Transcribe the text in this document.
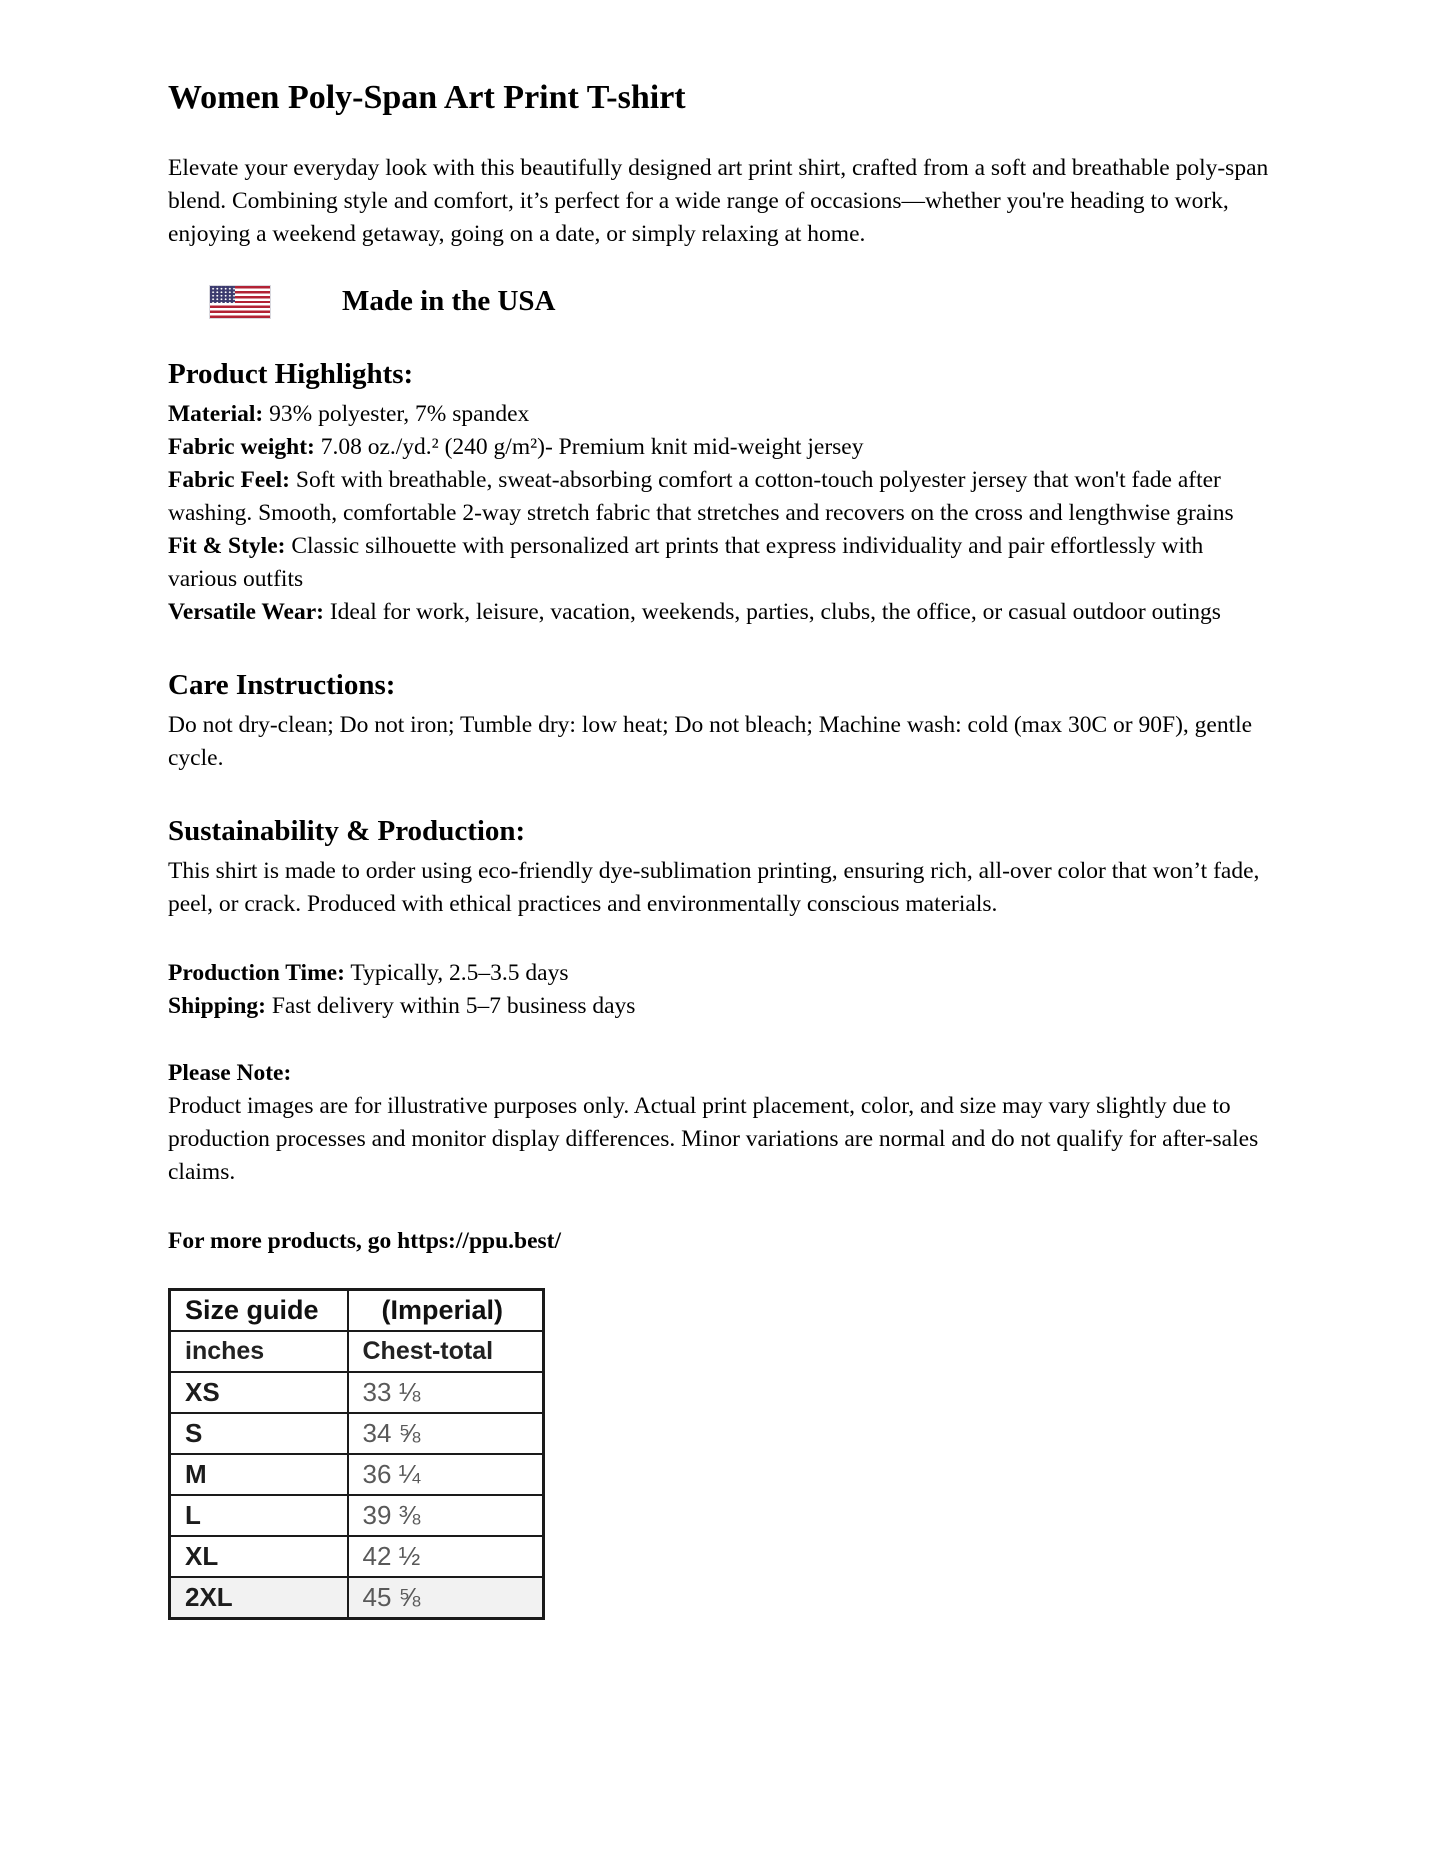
Women Poly-Span Art Print T-shirt

Elevate your everyday look with this beautifully designed art print shirt, crafted from a soft and breathable poly-span blend. Combining style and comfort, it’s perfect for a wide range of occasions—whether you're heading to work, enjoying a weekend getaway, going on a date, or simply relaxing at home.

Made in the USA
Product Highlights:

Material: 93% polyester, 7% spandex

Fabric weight: 7.08 oz./yd.² (240 g/m²)- Premium knit mid-weight jersey

Fabric Feel: Soft with breathable, sweat-absorbing comfort a cotton-touch polyester jersey that won't fade after washing. Smooth, comfortable 2-way stretch fabric that stretches and recovers on the cross and lengthwise grains

Fit & Style: Classic silhouette with personalized art prints that express individuality and pair effortlessly with various outfits

Versatile Wear: Ideal for work, leisure, vacation, weekends, parties, clubs, the office, or casual outdoor outings

Care Instructions:

Do not dry-clean; Do not iron; Tumble dry: low heat; Do not bleach; Machine wash: cold (max 30C or 90F), gentle cycle.

Sustainability & Production:

This shirt is made to order using eco-friendly dye-sublimation printing, ensuring rich, all-over color that won’t fade, peel, or crack. Produced with ethical practices and environmentally conscious materials.

Production Time: Typically, 2.5–3.5 days

Shipping: Fast delivery within 5–7 business days

Please Note:

Product images are for illustrative purposes only. Actual print placement, color, and size may vary slightly due to production processes and monitor display differences. Minor variations are normal and do not qualify for after-sales claims.

For more products, go https://ppu.best/

Size guide	(Imperial)
inches	Chest-total
XS	33 ⅛
S	34 ⅝
M	36 ¼
L	39 ⅜
XL	42 ½
2XL	45 ⅝
